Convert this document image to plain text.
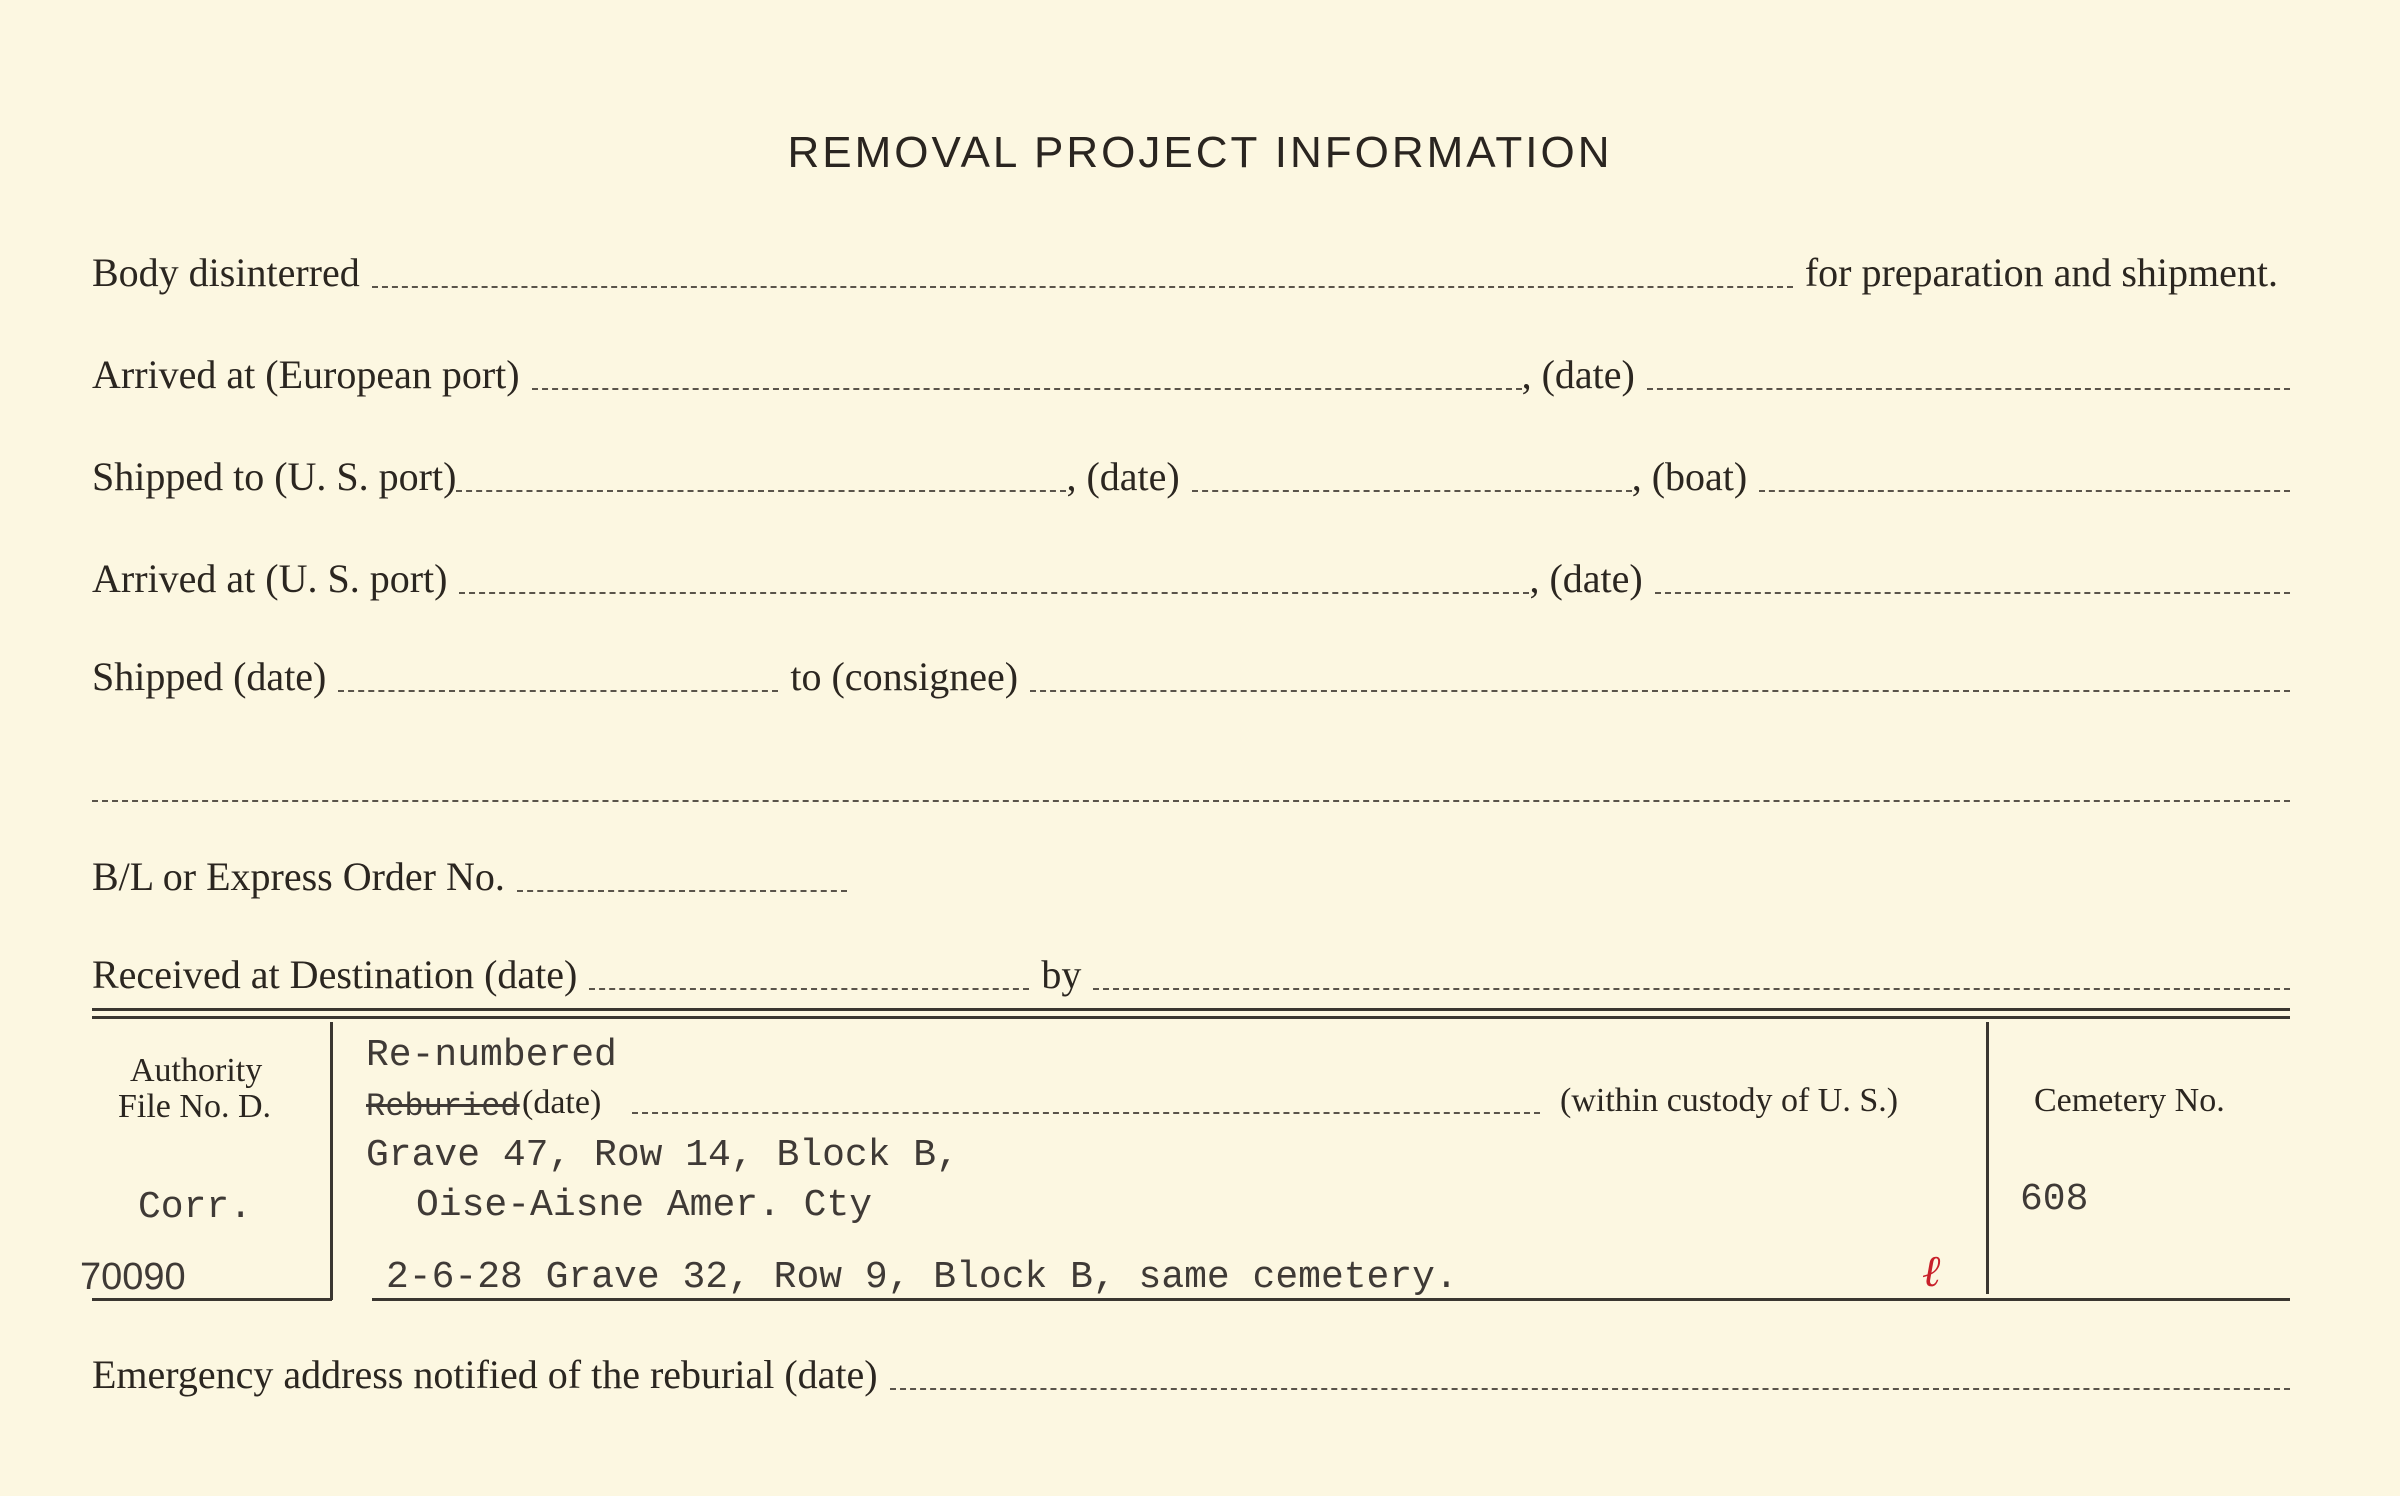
REMOVAL PROJECT INFORMATION
Body disinterred	for preparation and shipment.
Arrived at (European port)	, (date)
Shipped to (U. S. port)	, (date)	, (boat)
Arrived at (U. S. port)	, (date)
Shipped (date)	to (consignee)
B/L or Express Order No.
Received at Destination (date)	by
Authority
File No. D.
Corr.
70090
Re-numbered
Reburied (date)	(within custody of U. S.)
Grave 47, Row 14, Block B,
Oise-Aisne Amer. Cty
2-6-28 Grave 32, Row 9, Block B, same cemetery.	ℓ
Cemetery No.
608
Emergency address notified of the reburial (date)
